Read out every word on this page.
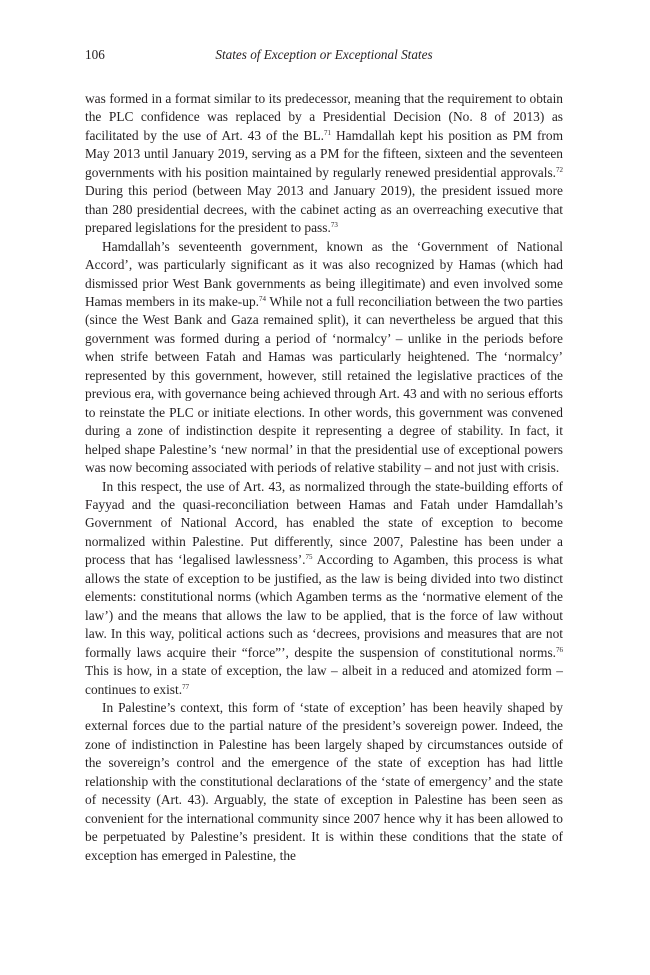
106	States of Exception or Exceptional States

was formed in a format similar to its predecessor, meaning that the requirement to obtain the PLC confidence was replaced by a Presidential Decision (No. 8 of 2013) as facilitated by the use of Art. 43 of the BL.$^{71}$ Hamdallah kept his position as PM from May 2013 until January 2019, serving as a PM for the fifteen, sixteen and the seventeen governments with his position maintained by regularly renewed presidential approvals.$^{72}$ During this period (between May 2013 and January 2019), the president issued more than 280 presidential decrees, with the cabinet acting as an overreaching executive that prepared legislations for the president to pass.$^{73}$

Hamdallah’s seventeenth government, known as the ‘Government of National Accord’, was particularly significant as it was also recognized by Hamas (which had dismissed prior West Bank governments as being illegitimate) and even involved some Hamas members in its make-up.$^{74}$ While not a full reconciliation between the two parties (since the West Bank and Gaza remained split), it can nevertheless be argued that this government was formed during a period of ‘normalcy’ – unlike in the periods before when strife between Fatah and Hamas was particularly heightened. The ‘normalcy’ represented by this government, however, still retained the legislative practices of the previous era, with governance being achieved through Art. 43 and with no serious efforts to reinstate the PLC or initiate elections. In other words, this government was convened during a zone of indistinction despite it representing a degree of stability. In fact, it helped shape Palestine’s ‘new normal’ in that the presidential use of exceptional powers was now becoming associated with periods of relative stability – and not just with crisis.

In this respect, the use of Art. 43, as normalized through the state-building efforts of Fayyad and the quasi-reconciliation between Hamas and Fatah under Hamdallah’s Government of National Accord, has enabled the state of exception to become normalized within Palestine. Put differently, since 2007, Palestine has been under a process that has ‘legalised lawlessness’.$^{75}$ According to Agamben, this process is what allows the state of exception to be justified, as the law is being divided into two distinct elements: constitutional norms (which Agamben terms as the ‘normative element of the law’) and the means that allows the law to be applied, that is the force of law without law. In this way, political actions such as ‘decrees, provisions and measures that are not formally laws acquire their “force”’, despite the suspension of constitutional norms.$^{76}$ This is how, in a state of exception, the law – albeit in a reduced and atomized form – continues to exist.$^{77}$

In Palestine’s context, this form of ‘state of exception’ has been heavily shaped by external forces due to the partial nature of the president’s sovereign power. Indeed, the zone of indistinction in Palestine has been largely shaped by circumstances outside of the sovereign’s control and the emergence of the state of exception has had little relationship with the constitutional declarations of the ‘state of emergency’ and the state of necessity (Art. 43). Arguably, the state of exception in Palestine has been seen as convenient for the international community since 2007 hence why it has been allowed to be perpetuated by Palestine’s president. It is within these conditions that the state of exception has emerged in Palestine, the
